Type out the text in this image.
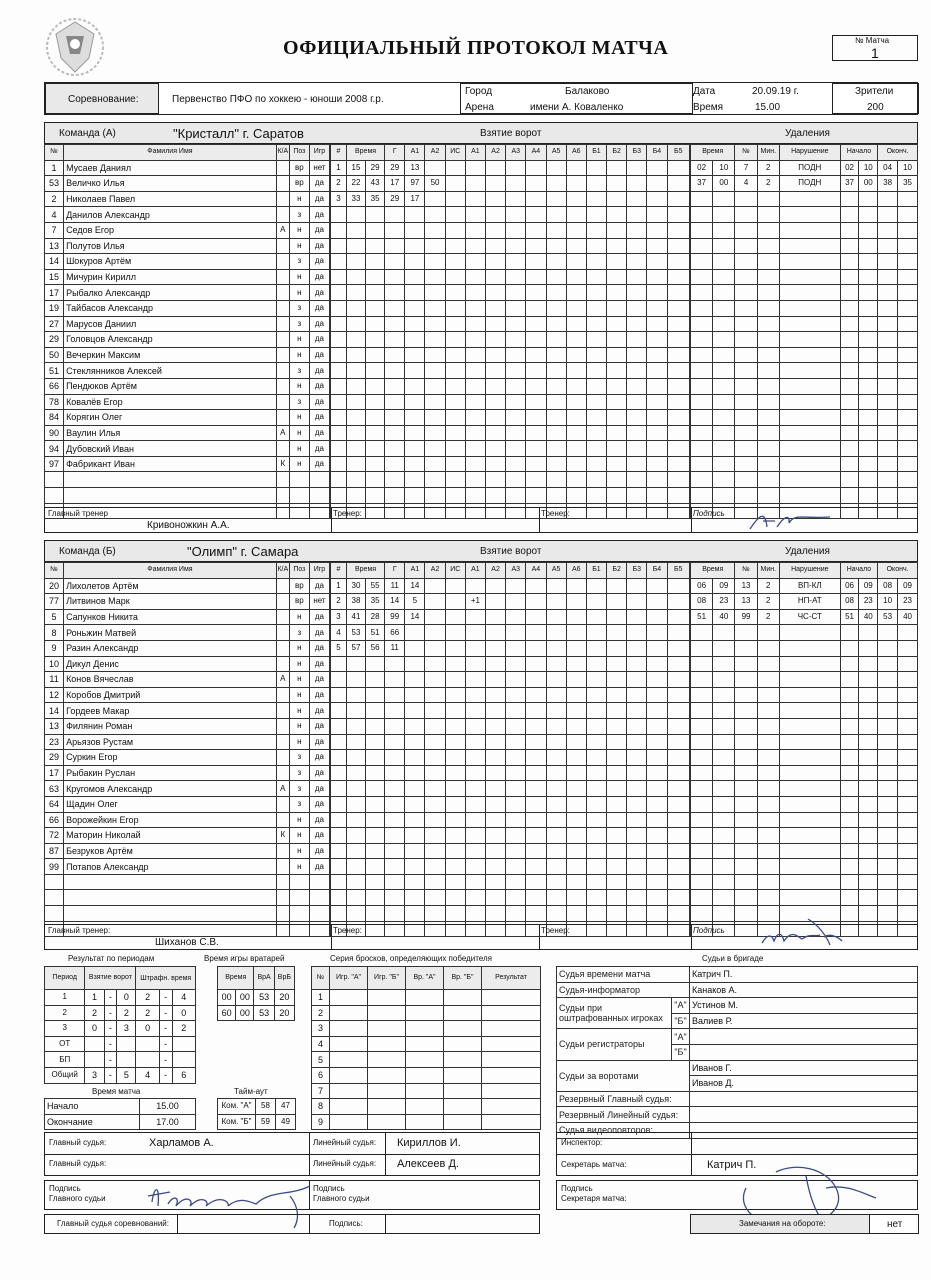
ОФИЦИАЛЬНЫЙ ПРОТОКОЛ МАТЧА	№ Матча
1
Соревнование:	Первенство ПФО по хоккею - юноши 2008 г.р.
Город	Балаково
Арена	имени А. Коваленко
Дата	20.09.19 г.
Время	15.00
Зрители
200
Команда (А)	"Кристалл" г. Саратов	Взятие ворот	Удаления
№	Фамилия Имя	К/А	Поз	Игр
1	Мусаев Даниял		вр	нет
53	Величко Илья		вр	да
2	Николаев Павел		н	да
4	Данилов Александр		з	да
7	Седов Егор	А	н	да
13	Полутов Илья		н	да
14	Шокуров Артём		з	да
15	Мичурин Кирилл		н	да
17	Рыбалко Александр		н	да
19	Тайбасов Александр		з	да
27	Марусов Даниил		з	да
29	Головцов Александр		н	да
50	Вечеркин Максим		н	да
51	Стеклянников Алексей		з	да
66	Пендюков Артём		н	да
78	Ковалёв Егор		з	да
84	Корягин Олег		н	да
90	Ваулин Илья	А	н	да
94	Дубовский Иван		н	да
97	Фабрикант Иван	К	н	да

#	Время		Г	А1	А2	ИС	А1	А2	А3	А4	А5	А6	Б1	Б2	Б3	Б4	Б5
1	15	29	29	13													
2	22	43	17	97	50												
3	33	35	29	17													

Время		№	Мин.	Нарушение	Начало		Оконч.	
02	10	7	2	ПОДН	02	10	04	10
37	00	4	2	ПОДН	37	00	38	35

Главный тренер
Кривоножкин А.А.
Тренер:	Тренер:	Подпись
Команда (Б)	"Олимп" г. Самара	Взятие ворот	Удаления
№	Фамилия Имя	К/А	Поз	Игр
20	Лихолетов Артём		вр	да
77	Литвинов Марк		вр	нет
5	Сапунков Никита		н	да
8	Роньжин Матвей		з	да
9	Разин Александр		н	да
10	Дикул Денис		н	да
11	Конов Вячеслав	А	н	да
12	Коробов Дмитрий		н	да
14	Гордеев Макар		н	да
13	Филянин Роман		н	да
23	Арьязов Рустам		н	да
29	Суркин Егор		з	да
17	Рыбакин Руслан		з	да
63	Кругомов Александр	А	з	да
64	Щадин Олег		з	да
66	Ворожейкин Егор		н	да
72	Маторин Николай	К	н	да
87	Безруков Артём		н	да
99	Потапов Александр		н	да

#	Время		Г	А1	А2	ИС	А1	А2	А3	А4	А5	А6	Б1	Б2	Б3	Б4	Б5
1	30	55	11	14													
2	38	35	14	5			+1										
3	41	28	99	14													
4	53	51	66														
5	57	56	11														

Время		№	Мин.	Нарушение	Начало		Оконч.	
06	09	13	2	ВП-КЛ	06	09	08	09
08	23	13	2	НП-АТ	08	23	10	23
51	40	99	2	ЧС-СТ	51	40	53	40

Главный тренер:
Шиханов С.В.
Тренер:	Тренер:	Подпись
Результат по периодам
Период	Взятие ворот			Штрафн. время		
1	1	-	0	2	-	4
2	2	-	2	2	-	0
3	0	-	3	0	-	2
ОТ		-			-	
БП		-			-	
Общий	3	-	5	4	-	6
Время игры вратарей
Время		ВрА	ВрБ
00	00	53	20
60	00	53	20
Время матча
Начало	15.00
Окончание	17.00
Тайм-аут
Ком. "А"	58	47
Ком. "Б"	59	49
Серия бросков, определяющих победителя
№	Игр. "А"	Игр. "Б"	Вр. "А"	Вр. "Б"	Результат
1					
2					
3					
4					
5					
6					
7					
8					
9					
Судьи в бригаде
Судья времени матча		Катрич П.
Судья-информатор		Канаков А.
Судьи при оштрафованных игроках	"А"	Устинов М.
	"Б"	Валиев Р.
Судьи регистраторы	"А"	
	"Б"	
Судьи за воротами		Иванов Г.
		Иванов Д.
Резервный Главный судья:		
Резервный Линейный судья:		
Судья видеоповторов:		
Главный судья:	Харламов А.
Главный судья:
Линейный судья: Кириллов И.
Линейный судья: Алексеев Д.
Инспектор:
Секретарь матча:	Катрич П.
Подпись
Главного судьи
Подпись
Главного судьи
Подпись
Секретаря матча:
Главный судья соревнований:	Подпись:	Замечания на обороте:	нет
